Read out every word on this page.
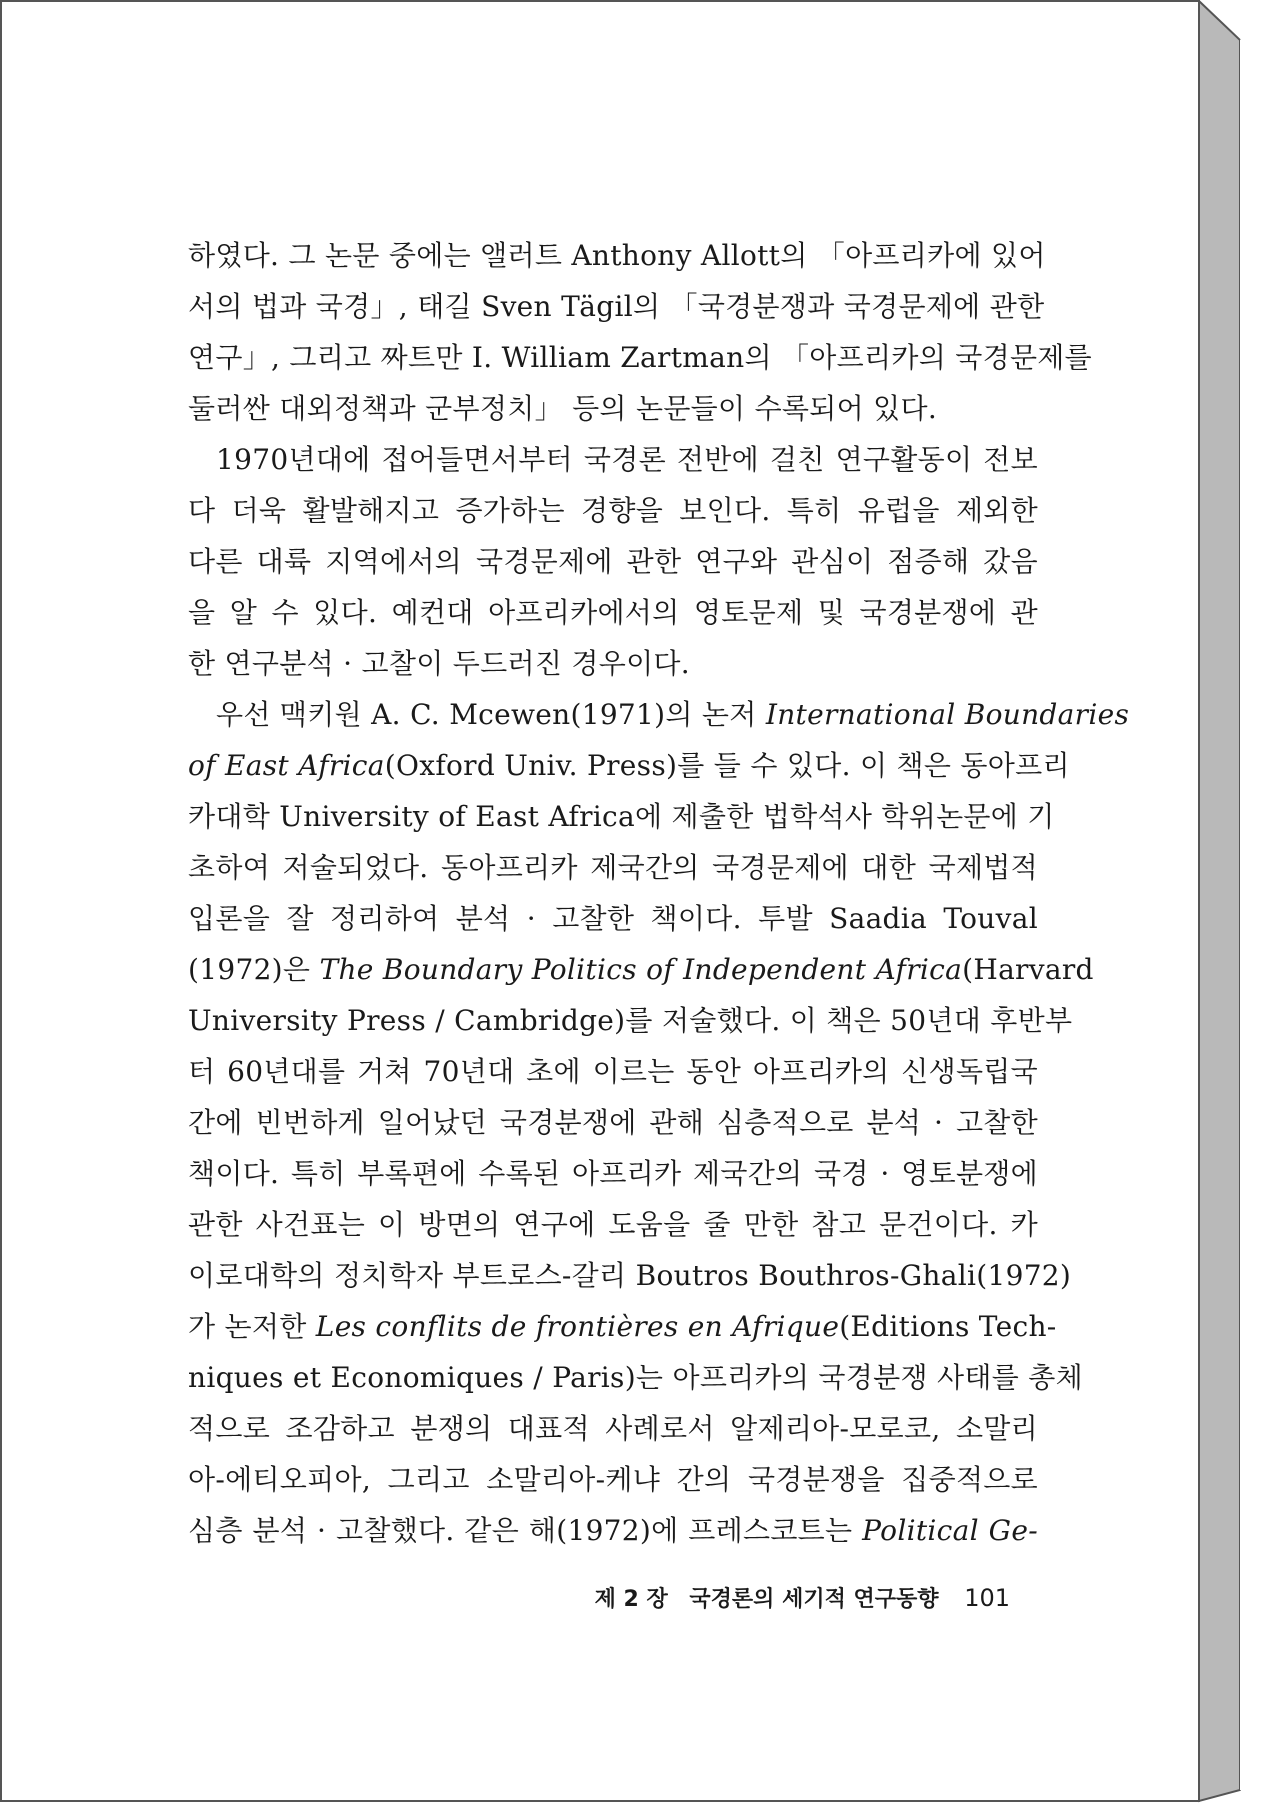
하였다. 그 논문 중에는 앨러트 Anthony Allott의 「아프리카에 있어
서의 법과 국경」, 태길 Sven Tägil의 「국경분쟁과 국경문제에 관한
연구」, 그리고 짜트만 I. William Zartman의 「아프리카의 국경문제를
둘러싼 대외정책과 군부정치」 등의 논문들이 수록되어 있다.
1970년대에 접어들면서부터 국경론 전반에 걸친 연구활동이 전보
다 더욱 활발해지고 증가하는 경향을 보인다. 특히 유럽을 제외한
다른 대륙 지역에서의 국경문제에 관한 연구와 관심이 점증해 갔음
을 알 수 있다. 예컨대 아프리카에서의 영토문제 및 국경분쟁에 관
한 연구분석 · 고찰이 두드러진 경우이다.
우선 맥키원 A. C. Mcewen(1971)의 논저 International Boundaries
of East Africa(Oxford Univ. Press)를 들 수 있다. 이 책은 동아프리
카대학 University of East Africa에 제출한 법학석사 학위논문에 기
초하여 저술되었다. 동아프리카 제국간의 국경문제에 대한 국제법적
입론을 잘 정리하여 분석 · 고찰한 책이다. 투발 Saadia Touval
(1972)은 The Boundary Politics of Independent Africa(Harvard
University Press / Cambridge)를 저술했다. 이 책은 50년대 후반부
터 60년대를 거쳐 70년대 초에 이르는 동안 아프리카의 신생독립국
간에 빈번하게 일어났던 국경분쟁에 관해 심층적으로 분석 · 고찰한
책이다. 특히 부록편에 수록된 아프리카 제국간의 국경 · 영토분쟁에
관한 사건표는 이 방면의 연구에 도움을 줄 만한 참고 문건이다. 카
이로대학의 정치학자 부트로스-갈리 Boutros Bouthros-Ghali(1972)
가 논저한 Les conflits de frontières en Afrique(Editions Tech-
niques et Economiques / Paris)는 아프리카의 국경분쟁 사태를 총체
적으로 조감하고 분쟁의 대표적 사례로서 알제리아-모로코, 소말리
아-에티오피아, 그리고 소말리아-케냐 간의 국경분쟁을 집중적으로
심층 분석 · 고찰했다. 같은 해(1972)에 프레스코트는 Political Ge-
제 2 장 국경론의 세기적 연구동향 101
